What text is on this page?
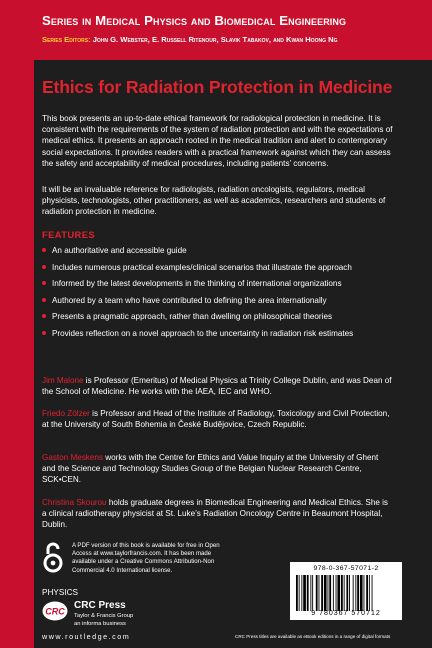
Series in Medical Physics and Biomedical Engineering
Series Editors: John G. Webster, E. Russell Ritenour, Slavik Tabakov, and Kwan Hoong Ng
Ethics for Radiation Protection in Medicine

This book presents an up-to-date ethical framework for radiological protection in medicine. It is consistent with the requirements of the system of radiation protection and with the expectations of medical ethics. It presents an approach rooted in the medical tradition and alert to contemporary social expectations. It provides readers with a practical framework against which they can assess the safety and acceptability of medical procedures, including patients’ concerns.

It will be an invaluable reference for radiologists, radiation oncologists, regulators, medical physicists, technologists, other practitioners, as well as academics, researchers and students of radiation protection in medicine.

FEATURES
An authoritative and accessible guide
Includes numerous practical examples/clinical scenarios that illustrate the approach
Informed by the latest developments in the thinking of international organizations
Authored by a team who have contributed to defining the area internationally
Presents a pragmatic approach, rather than dwelling on philosophical theories
Provides reflection on a novel approach to the uncertainty in radiation risk estimates

Jim Malone is Professor (Emeritus) of Medical Physics at Trinity College Dublin, and was Dean of the School of Medicine. He works with the IAEA, IEC and WHO.

Friedo Zölzer is Professor and Head of the Institute of Radiology, Toxicology and Civil Protection, at the University of South Bohemia in České Budějovice, Czech Republic.

Gaston Meskens works with the Centre for Ethics and Value Inquiry at the University of Ghent and the Science and Technology Studies Group of the Belgian Nuclear Research Centre, SCK•CEN.

Christina Skourou holds graduate degrees in Biomedical Engineering and Medical Ethics. She is a clinical radiotherapy physicist at St. Luke’s Radiation Oncology Centre in Beaumont Hospital, Dublin.

A PDF version of this book is available for free in Open Access at www.taylorfrancis.com. It has been made available under a Creative Commons Attribution-Non Commercial 4.0 International license.

PHYSICS
CRC
CRC Press
Taylor & Francis Group
an informa business
www.routledge.com
978-0-367-57071-2
9 780367 570712
CRC Press titles are available as eBook editions in a range of digital formats
